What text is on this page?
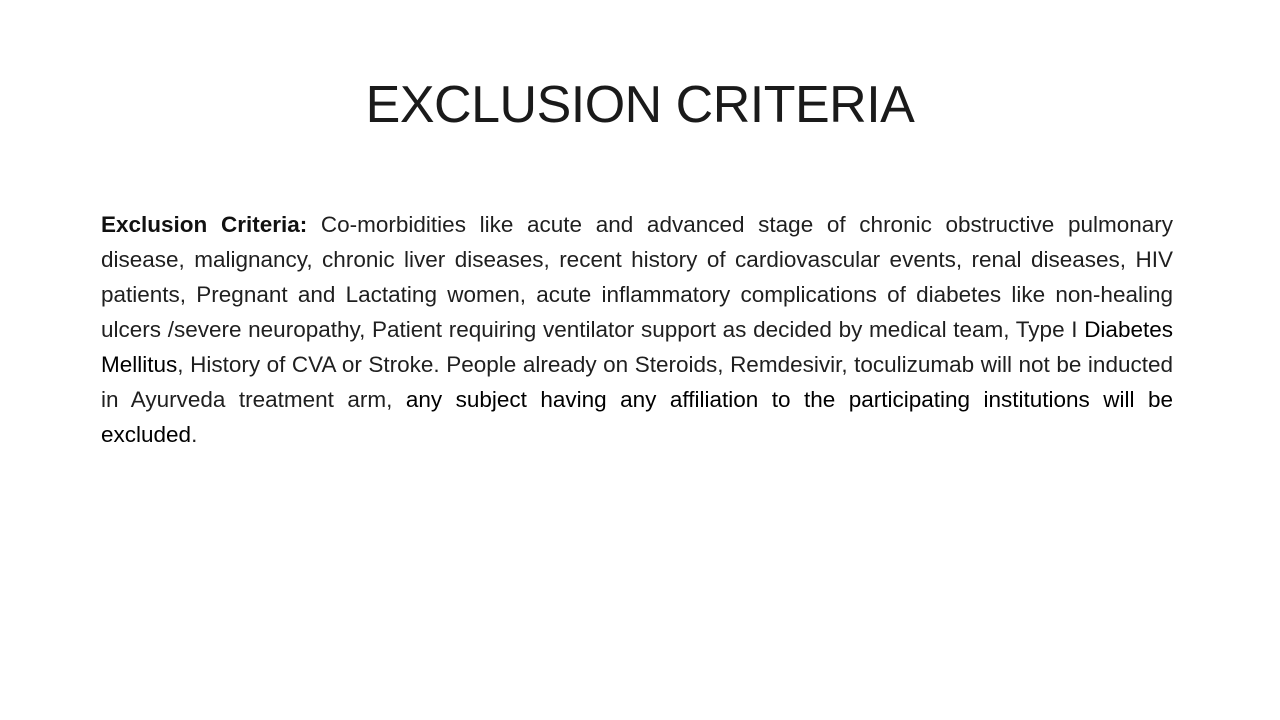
EXCLUSION CRITERIA

Exclusion Criteria: Co-morbidities like acute and advanced stage of chronic obstructive pulmonary disease, malignancy, chronic liver diseases, recent history of cardiovascular events, renal diseases, HIV patients, Pregnant and Lactating women, acute inflammatory complications of diabetes like non-healing ulcers /severe neuropathy, Patient requiring ventilator support as decided by medical team, Type I Diabetes Mellitus, History of CVA or Stroke. People already on Steroids, Remdesivir, toculizumab will not be inducted in Ayurveda treatment arm, any subject having any affiliation to the participating institutions will be excluded.
